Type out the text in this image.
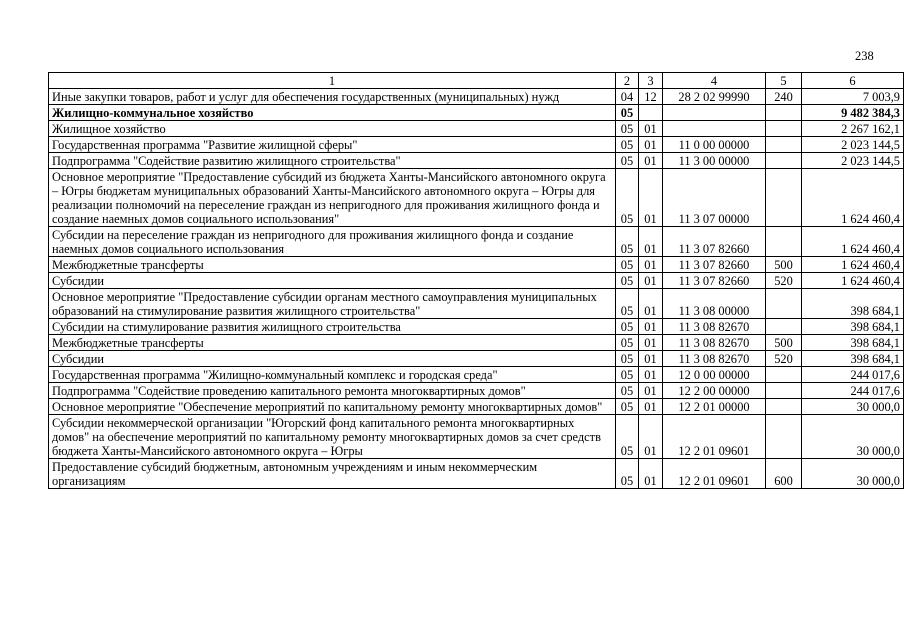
238
1	2	3	4	5	6
Иные закупки товаров, работ и услуг для обеспечения государственных (муниципальных) нужд	04	12	28 2 02 99990	240	7 003,9
Жилищно-коммунальное хозяйство	05				9 482 384,3
Жилищное хозяйство	05	01			2 267 162,1
Государственная программа "Развитие жилищной сферы"	05	01	11 0 00 00000		2 023 144,5
Подпрограмма "Содействие развитию жилищного строительства"	05	01	11 3 00 00000		2 023 144,5
Основное мероприятие "Предоставление субсидий из бюджета Ханты-Мансийского автономного округа – Югры бюджетам муниципальных образований Ханты-Мансийского автономного округа – Югры для реализации полномочий на переселение граждан из непригодного для проживания жилищного фонда и создание наемных домов социального использования"	05	01	11 3 07 00000		1 624 460,4
Субсидии на переселение граждан из непригодного для проживания жилищного фонда и создание наемных домов социального использования	05	01	11 3 07 82660		1 624 460,4
Межбюджетные трансферты	05	01	11 3 07 82660	500	1 624 460,4
Субсидии	05	01	11 3 07 82660	520	1 624 460,4
Основное мероприятие "Предоставление субсидии органам местного самоуправления муниципальных образований на стимулирование развития жилищного строительства"	05	01	11 3 08 00000		398 684,1
Субсидии на стимулирование развития жилищного строительства	05	01	11 3 08 82670		398 684,1
Межбюджетные трансферты	05	01	11 3 08 82670	500	398 684,1
Субсидии	05	01	11 3 08 82670	520	398 684,1
Государственная программа "Жилищно-коммунальный комплекс и городская среда"	05	01	12 0 00 00000		244 017,6
Подпрограмма "Содействие проведению капитального ремонта многоквартирных домов"	05	01	12 2 00 00000		244 017,6
Основное мероприятие "Обеспечение мероприятий по капитальному ремонту многоквартирных домов"	05	01	12 2 01 00000		30 000,0
Субсидии некоммерческой организации "Югорский фонд капитального ремонта многоквартирных домов" на обеспечение мероприятий по капитальному ремонту многоквартирных домов за счет средств бюджета Ханты-Мансийского автономного округа – Югры	05	01	12 2 01 09601		30 000,0
Предоставление субсидий бюджетным, автономным учреждениям и иным некоммерческим организациям	05	01	12 2 01 09601	600	30 000,0
